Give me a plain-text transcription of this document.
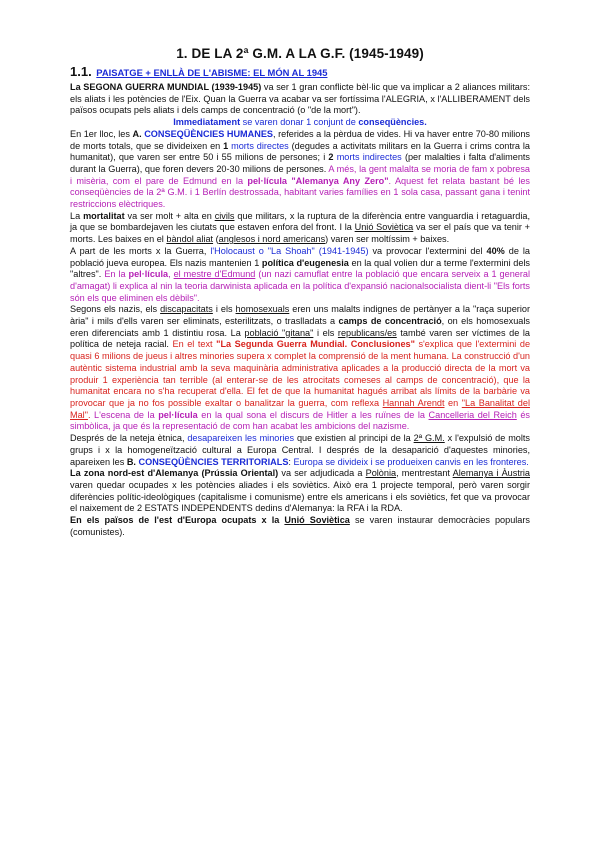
1. DE LA 2ª G.M. A LA G.F. (1945-1949)
1.1. PAISATGE + ENLLÀ DE L'ABISME: EL MÓN AL 1945

La SEGONA GUERRA MUNDIAL (1939-1945) va ser 1 gran conflicte bèl·lic que va implicar a 2 aliances militars: els aliats i les potències de l'Eix. Quan la Guerra va acabar va ser fortíssima l'ALEGRIA, x l'ALLIBERAMENT dels països ocupats pels aliats i dels camps de concentració (o "de la mort").

Immediatament se varen donar 1 conjunt de conseqüències.

En 1er lloc, les A. CONSEQÜÈNCIES HUMANES, referides a la pèrdua de vides. Hi va haver entre 70-80 milions de morts totals, que se divideixen en 1 morts directes (degudes a activitats militars en la Guerra i crims contra la humanitat), que varen ser entre 50 i 55 milions de persones; i 2 morts indirectes (per malalties i falta d'aliments durant la Guerra), que foren devers 20-30 milions de persones. A més, la gent malalta se moria de fam x pobresa i misèria, com el pare de Edmund en la pel·lícula "Alemanya Any Zero". Aquest fet relata bastant bé les conseqüències de la 2ª G.M. i 1 Berlín destrossada, habitant varies famílies en 1 sola casa, passant gana i tenint restriccions elèctriques.

La mortalitat va ser molt + alta en civils que militars, x la ruptura de la diferència entre vanguardia i retaguardia, ja que se bombardejaven les ciutats que estaven enfora del front. I la Unió Soviètica va ser el país que va tenir + morts. Les baixes en el bàndol aliat (anglesos i nord americans) varen ser moltíssim + baixes.

A part de les morts x la Guerra, l'Holocaust o "La Shoah" (1941-1945) va provocar l'extermini del 40% de la població jueva europea. Els nazis mantenien 1 política d'eugenesia en la qual volien dur a terme l'extermini dels "altres". En la pel·lícula, el mestre d'Edmund (un nazi camuflat entre la població que encara serveix a 1 general d'amagat) li explica al nin la teoria darwinista aplicada en la política d'expansió nacionalsocialista dient-li "Els forts són els que eliminen els dèbils".

Segons els nazis, els discapacitats i els homosexuals eren uns malalts indignes de pertànyer a la "raça superior ària" i mils d'ells varen ser eliminats, esterilitzats, o traslladats a camps de concentració, on els homosexuals eren diferenciats amb 1 distintiu rosa. La població "gitana" i els republicans/es també varen ser víctimes de la política de neteja racial. En el text "La Segunda Guerra Mundial. Conclusiones" s'explica que l'extermini de quasi 6 milions de jueus i altres minories supera x complet la comprensió de la ment humana. La construcció d'un autèntic sistema industrial amb la seva maquinària administrativa aplicades a la producció directa de la mort va produir 1 experiència tan terrible (al enterar-se de les atrocitats comeses al camps de concentració), que la humanitat encara no s'ha recuperat d'ella. El fet de que la humanitat hagués arribat als límits de la barbàrie va provocar que ja no fos possible exaltar o banalitzar la guerra, com reflexa Hannah Arendt en "La Banalitat del Mal". L'escena de la pel·lícula en la qual sona el discurs de Hitler a les ruïnes de la Cancelleria del Reich és simbòlica, ja que és la representació de com han acabat les ambicions del nazisme.

Després de la neteja ètnica, desapareixen les minories que existien al principi de la 2ª G.M. x l'expulsió de molts grups i x la homogeneïtzació cultural a Europa Central. I després de la desaparició d'aquestes minories, apareixen les B. CONSEQÜÈNCIES TERRITORIALS: Europa se divideix i se produeixen canvis en les fronteres.

La zona nord-est d'Alemanya (Prússia Oriental) va ser adjudicada a Polònia, mentrestant Alemanya i Àustria varen quedar ocupades x les potències aliades i els soviètics. Això era 1 projecte temporal, però varen sorgir diferències polític-ideològiques (capitalisme i comunisme) entre els americans i els soviètics, fet que va provocar el naixement de 2 ESTATS INDEPENDENTS dedins d'Alemanya: la RFA i la RDA.

En els països de l'est d'Europa ocupats x la Unió Soviètica se varen instaurar democràcies populars (comunistes).
